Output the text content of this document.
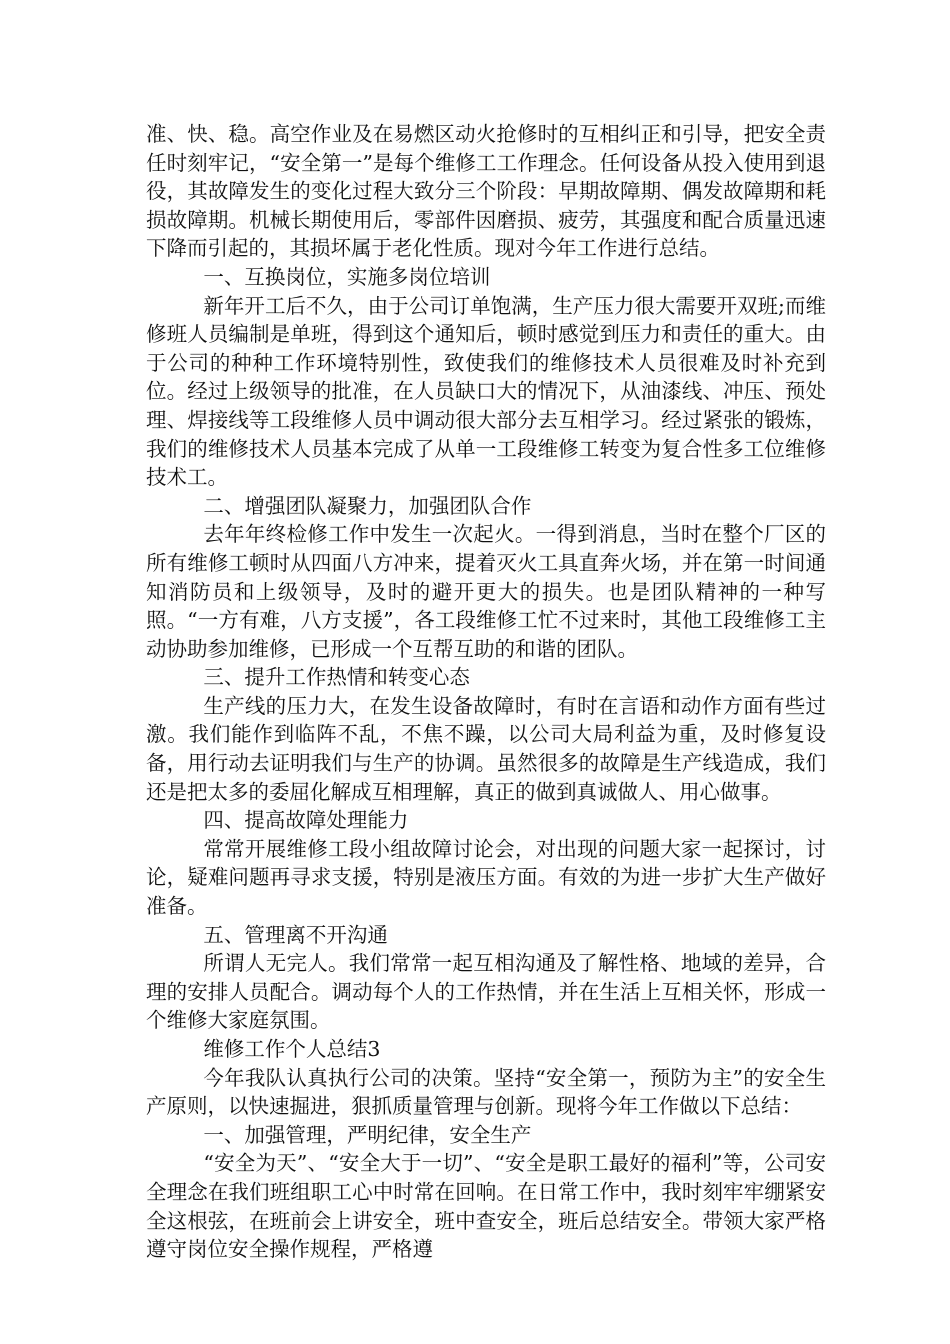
准、快、稳。高空作业及在易燃区动火抢修时的互相纠正和引导，把安全责任时刻牢记，“安全第一”是每个维修工工作理念。任何设备从投入使用到退役，其故障发生的变化过程大致分三个阶段：早期故障期、偶发故障期和耗损故障期。机械长期使用后，零部件因磨损、疲劳，其强度和配合质量迅速下降而引起的，其损坏属于老化性质。现对今年工作进行总结。

一、互换岗位，实施多岗位培训

新年开工后不久，由于公司订单饱满，生产压力很大需要开双班;而维修班人员编制是单班，得到这个通知后，顿时感觉到压力和责任的重大。由于公司的种种工作环境特别性，致使我们的维修技术人员很难及时补充到位。经过上级领导的批准，在人员缺口大的情况下，从油漆线、冲压、预处理、焊接线等工段维修人员中调动很大部分去互相学习。经过紧张的锻炼，我们的维修技术人员基本完成了从单一工段维修工转变为复合性多工位维修技术工。

二、增强团队凝聚力，加强团队合作

去年年终检修工作中发生一次起火。一得到消息，当时在整个厂区的所有维修工顿时从四面八方冲来，提着灭火工具直奔火场，并在第一时间通知消防员和上级领导，及时的避开更大的损失。也是团队精神的一种写照。“一方有难，八方支援”，各工段维修工忙不过来时，其他工段维修工主动协助参加维修，已形成一个互帮互助的和谐的团队。

三、提升工作热情和转变心态

生产线的压力大，在发生设备故障时，有时在言语和动作方面有些过激。我们能作到临阵不乱，不焦不躁，以公司大局利益为重，及时修复设备，用行动去证明我们与生产的协调。虽然很多的故障是生产线造成，我们还是把太多的委屈化解成互相理解，真正的做到真诚做人、用心做事。

四、提高故障处理能力

常常开展维修工段小组故障讨论会，对出现的问题大家一起探讨，讨论，疑难问题再寻求支援，特别是液压方面。有效的为进一步扩大生产做好准备。

五、管理离不开沟通

所谓人无完人。我们常常一起互相沟通及了解性格、地域的差异，合理的安排人员配合。调动每个人的工作热情，并在生活上互相关怀，形成一个维修大家庭氛围。

维修工作个人总结3

今年我队认真执行公司的决策。坚持“安全第一，预防为主”的安全生产原则，以快速掘进，狠抓质量管理与创新。现将今年工作做以下总结：

一、加强管理，严明纪律，安全生产

“安全为天”、“安全大于一切”、“安全是职工最好的福利”等，公司安全理念在我们班组职工心中时常在回响。在日常工作中，我时刻牢牢绷紧安全这根弦，在班前会上讲安全，班中查安全，班后总结安全。带领大家严格遵守岗位安全操作规程，严格遵
